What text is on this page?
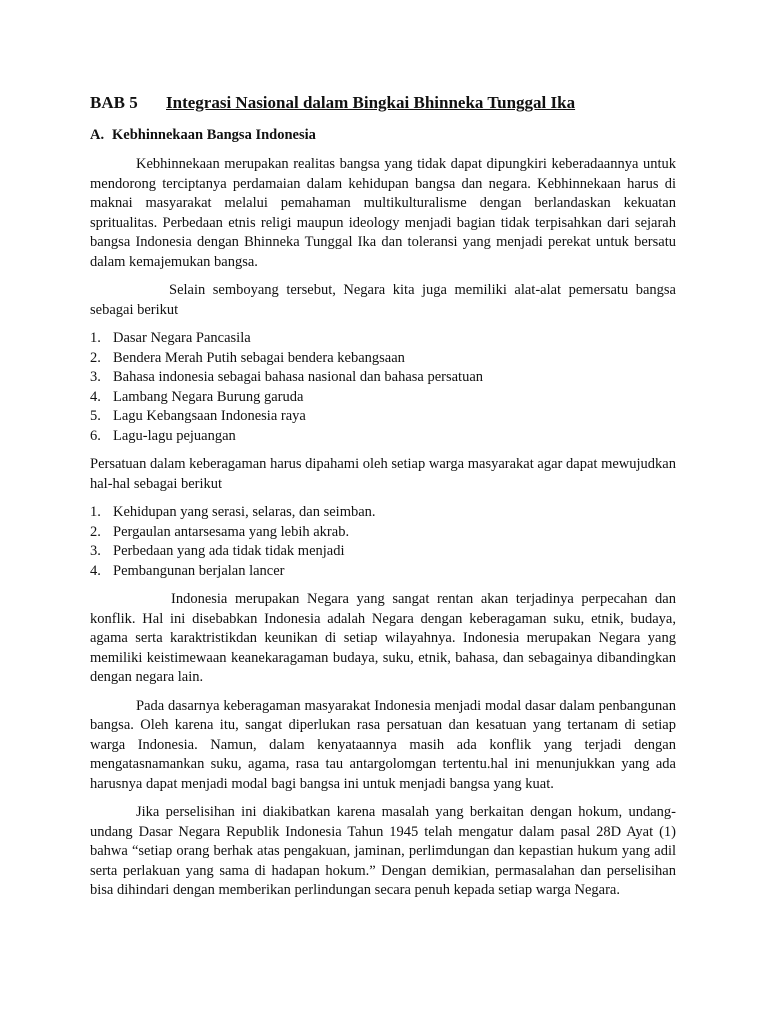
BAB 5 Integrasi Nasional dalam Bingkai Bhinneka Tunggal Ika
A. Kebhinnekaan Bangsa Indonesia

Kebhinnekaan merupakan realitas bangsa yang tidak dapat dipungkiri keberadaannya untuk mendorong terciptanya perdamaian dalam kehidupan bangsa dan negara. Kebhinnekaan harus di maknai masyarakat melalui pemahaman multikulturalisme dengan berlandaskan kekuatan spritualitas. Perbedaan etnis religi maupun ideology menjadi bagian tidak terpisahkan dari sejarah bangsa Indonesia dengan Bhinneka Tunggal Ika dan toleransi yang menjadi perekat untuk bersatu dalam kemajemukan bangsa.

Selain semboyang tersebut, Negara kita juga memiliki alat-alat pemersatu bangsa sebagai berikut

1. Dasar Negara Pancasila
2. Bendera Merah Putih sebagai bendera kebangsaan
3. Bahasa indonesia sebagai bahasa nasional dan bahasa persatuan
4. Lambang Negara Burung garuda
5. Lagu Kebangsaan Indonesia raya
6. Lagu-lagu pejuangan

Persatuan dalam keberagaman harus dipahami oleh setiap warga masyarakat agar dapat mewujudkan hal-hal sebagai berikut

1. Kehidupan yang serasi, selaras, dan seimban.
2. Pergaulan antarsesama yang lebih akrab.
3. Perbedaan yang ada tidak tidak menjadi
4. Pembangunan berjalan lancer

Indonesia merupakan Negara yang sangat rentan akan terjadinya perpecahan dan konflik. Hal ini disebabkan Indonesia adalah Negara dengan keberagaman suku, etnik, budaya, agama serta karaktristikdan keunikan di setiap wilayahnya. Indonesia merupakan Negara yang memiliki keistimewaan keanekaragaman budaya, suku, etnik, bahasa, dan sebagainya dibandingkan dengan negara lain.

Pada dasarnya keberagaman masyarakat Indonesia menjadi modal dasar dalam penbangunan bangsa. Oleh karena itu, sangat diperlukan rasa persatuan dan kesatuan yang tertanam di setiap warga Indonesia. Namun, dalam kenyataannya masih ada konflik yang terjadi dengan mengatasnamankan suku, agama, rasa tau antargolomgan tertentu.hal ini menunjukkan yang ada harusnya dapat menjadi modal bagi bangsa ini untuk menjadi bangsa yang kuat.

Jika perselisihan ini diakibatkan karena masalah yang berkaitan dengan hokum, undang-undang Dasar Negara Republik Indonesia Tahun 1945 telah mengatur dalam pasal 28D Ayat (1) bahwa “setiap orang berhak atas pengakuan, jaminan, perlimdungan dan kepastian hukum yang adil serta perlakuan yang sama di hadapan hokum.” Dengan demikian, permasalahan dan perselisihan bisa dihindari dengan memberikan perlindungan secara penuh kepada setiap warga Negara.
